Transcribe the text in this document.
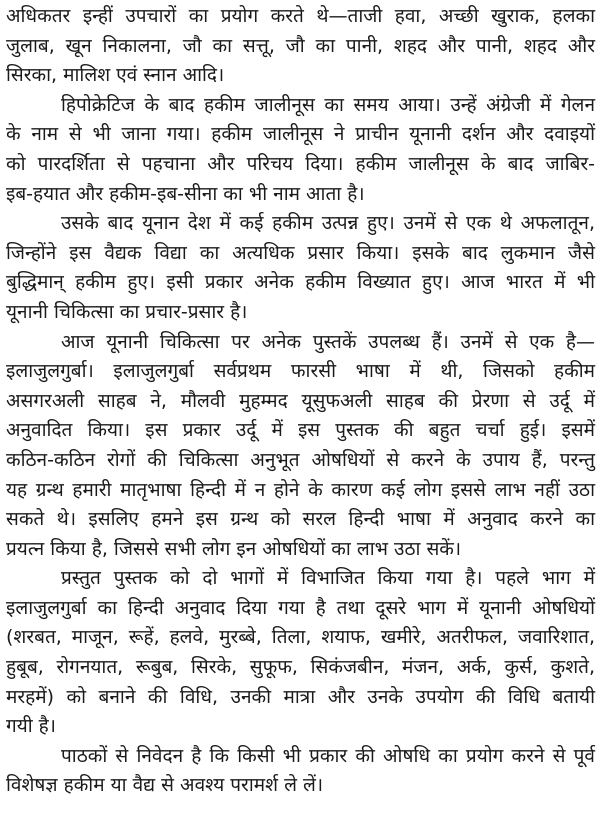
अधिकतर इन्हीं उपचारों का प्रयोग करते थे—ताजी हवा, अच्छी खुराक, हलका
जुलाब, खून निकालना, जौ का सत्तू, जौ का पानी, शहद और पानी, शहद और
सिरका, मालिश एवं स्नान आदि।
हिपोक्रेटिज के बाद हकीम जालीनूस का समय आया। उन्हें अंग्रेजी में गेलन
के नाम से भी जाना गया। हकीम जालीनूस ने प्राचीन यूनानी दर्शन और दवाइयों
को पारदर्शिता से पहचाना और परिचय दिया। हकीम जालीनूस के बाद जाबिर-
इब-हयात और हकीम-इब-सीना का भी नाम आता है।
उसके बाद यूनान देश में कई हकीम उत्पन्न हुए। उनमें से एक थे अफलातून,
जिन्होंने इस वैद्यक विद्या का अत्यधिक प्रसार किया। इसके बाद लुकमान जैसे
बुद्धिमान् हकीम हुए। इसी प्रकार अनेक हकीम विख्यात हुए। आज भारत में भी
यूनानी चिकित्सा का प्रचार-प्रसार है।
आज यूनानी चिकित्सा पर अनेक पुस्तकें उपलब्ध हैं। उनमें से एक है—
इलाजुलगुर्बा। इलाजुलगुर्बा सर्वप्रथम फारसी भाषा में थी, जिसको हकीम
असगरअली साहब ने, मौलवी मुहम्मद यूसुफअली साहब की प्रेरणा से उर्दू में
अनुवादित किया। इस प्रकार उर्दू में इस पुस्तक की बहुत चर्चा हुई। इसमें
कठिन-कठिन रोगों की चिकित्सा अनुभूत ओषधियों से करने के उपाय हैं, परन्तु
यह ग्रन्थ हमारी मातृभाषा हिन्दी में न होने के कारण कई लोग इससे लाभ नहीं उठा
सकते थे। इसलिए हमने इस ग्रन्थ को सरल हिन्दी भाषा में अनुवाद करने का
प्रयत्न किया है, जिससे सभी लोग इन ओषधियों का लाभ उठा सकें।
प्रस्तुत पुस्तक को दो भागों में विभाजित किया गया है। पहले भाग में
इलाजुलगुर्बा का हिन्दी अनुवाद दिया गया है तथा दूसरे भाग में यूनानी ओषधियों
(शरबत, माजून, रूहें, हलवे, मुरब्बे, तिला, शयाफ, खमीरे, अतरीफल, जवारिशात,
हुबूब, रोगनयात, रूबुब, सिरके, सुफूफ, सिकंजबीन, मंजन, अर्क, कुर्स, कुशते,
मरहमें) को बनाने की विधि, उनकी मात्रा और उनके उपयोग की विधि बतायी
गयी है।
पाठकों से निवेदन है कि किसी भी प्रकार की ओषधि का प्रयोग करने से पूर्व
विशेषज्ञ हकीम या वैद्य से अवश्य परामर्श ले लें।
